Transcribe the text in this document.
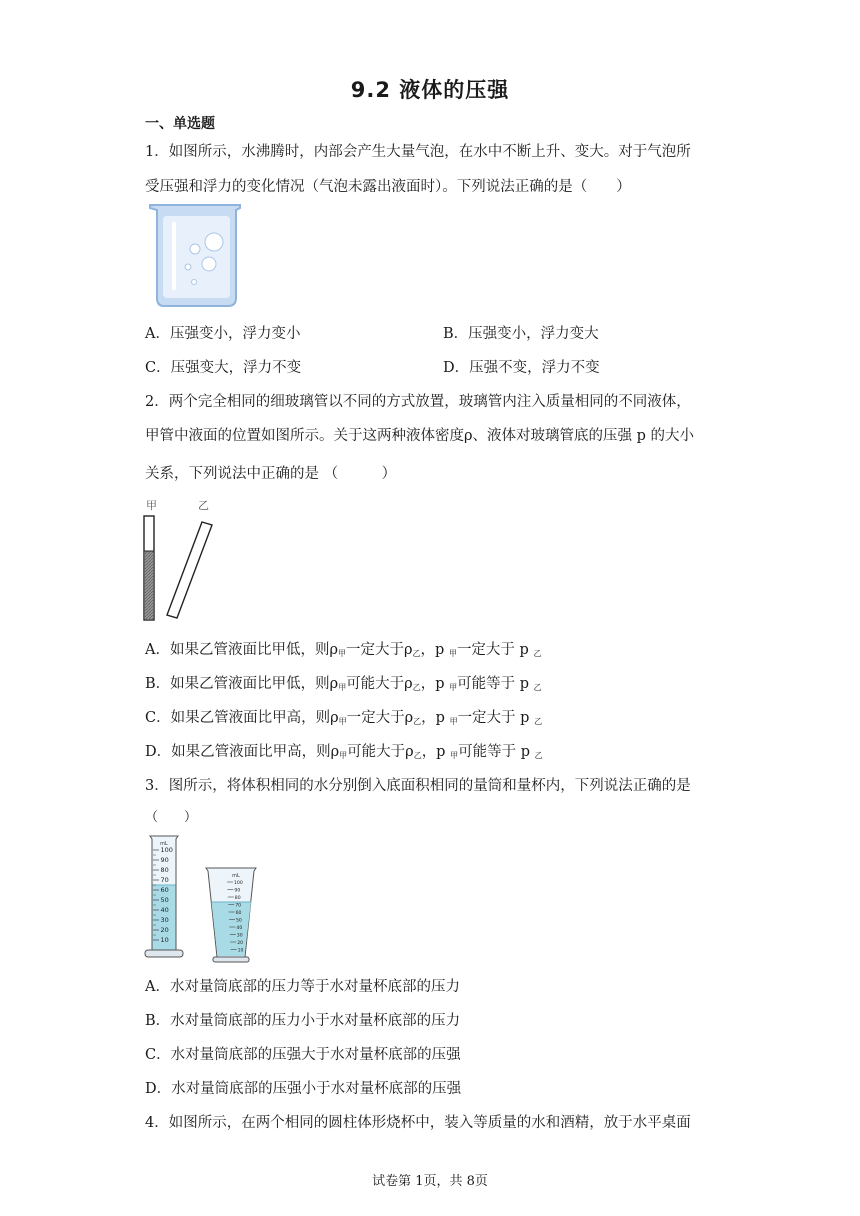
9.2 液体的压强
一、单选题
1．如图所示，水沸腾时，内部会产生大量气泡，在水中不断上升、变大。对于气泡所
受压强和浮力的变化情况（气泡未露出液面时）。下列说法正确的是（　　）
A．压强变小，浮力变小	B．压强变小，浮力变大
C．压强变大，浮力不变	D．压强不变，浮力不变
2．两个完全相同的细玻璃管以不同的方式放置，玻璃管内注入质量相同的不同液体，
甲管中液面的位置如图所示。关于这两种液体密度ρ、液体对玻璃管底的压强 p 的大小
关系，下列说法中正确的是 （　　　）
甲	乙
A．如果乙管液面比甲低，则$\rho_甲$一定大于$\rho_乙$，p $_甲$一定大于 p $_乙$
B．如果乙管液面比甲低，则$\rho_甲$可能大于$\rho_乙$，p $_甲$可能等于 p $_乙$
C．如果乙管液面比甲高，则$\rho_甲$一定大于$\rho_乙$，p $_甲$一定大于 p $_乙$
D．如果乙管液面比甲高，则$\rho_甲$可能大于$\rho_乙$，p $_甲$可能等于 p $_乙$
3．图所示，将体积相同的水分别倒入底面积相同的量筒和量杯内，下列说法正确的是
（　　）
mL
100
90
80
70
60
50
40
30
20
10
mL
100
90
80
70
60
50
40
30
20
10
A．水对量筒底部的压力等于水对量杯底部的压力
B．水对量筒底部的压力小于水对量杯底部的压力
C．水对量筒底部的压强大于水对量杯底部的压强
D．水对量筒底部的压强小于水对量杯底部的压强
4．如图所示，在两个相同的圆柱体形烧杯中，装入等质量的水和酒精，放于水平桌面
试卷第 1页，共 8页
